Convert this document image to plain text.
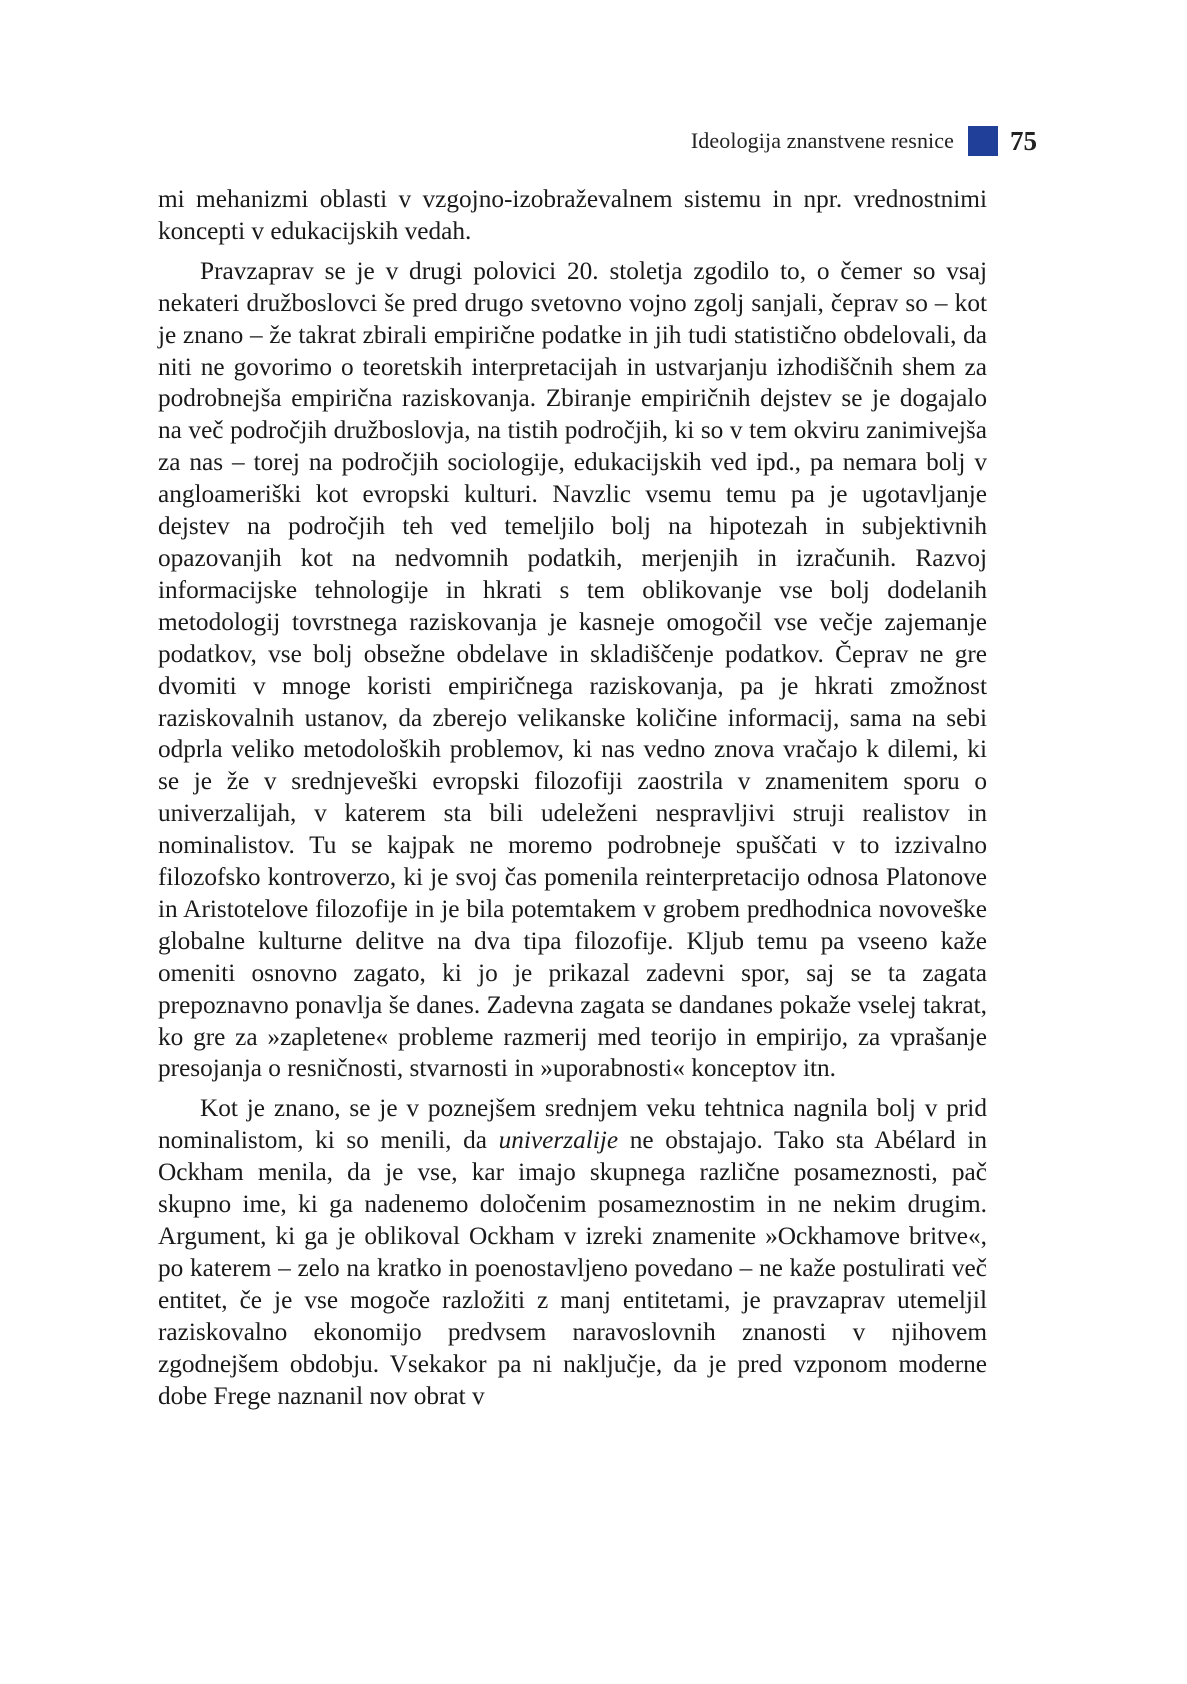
Ideologija znanstvene resnice 75

mi mehanizmi oblasti v vzgojno-izobraževalnem sistemu in npr. vrednostnimi koncepti v edukacijskih vedah.

Pravzaprav se je v drugi polovici 20. stoletja zgodilo to, o čemer so vsaj nekateri družboslovci še pred drugo svetovno vojno zgolj sanjali, čeprav so – kot je znano – že takrat zbirali empirične podatke in jih tudi statistično obdelovali, da niti ne govorimo o teoretskih interpretacijah in ustvarjanju izhodiščnih shem za podrobnejša empirična raziskovanja. Zbiranje empiričnih dejstev se je dogajalo na več področjih družboslovja, na tistih področjih, ki so v tem okviru zanimivejša za nas – torej na področjih sociologije, edukacijskih ved ipd., pa nemara bolj v angloameriški kot evropski kulturi. Navzlic vsemu temu pa je ugotavljanje dejstev na področjih teh ved temeljilo bolj na hipotezah in subjektivnih opazovanjih kot na nedvomnih podatkih, merjenjih in izračunih. Razvoj informacijske tehnologije in hkrati s tem oblikovanje vse bolj dodelanih metodologij tovrstnega raziskovanja je kasneje omogočil vse večje zajemanje podatkov, vse bolj obsežne obdelave in skladiščenje podatkov. Čeprav ne gre dvomiti v mnoge koristi empiričnega raziskovanja, pa je hkrati zmožnost raziskovalnih ustanov, da zberejo velikanske količine informacij, sama na sebi odprla veliko metodoloških problemov, ki nas vedno znova vračajo k dilemi, ki se je že v srednjeveški evropski filozofiji zaostrila v znamenitem sporu o univerzalijah, v katerem sta bili udeleženi nespravljivi struji realistov in nominalistov. Tu se kajpak ne moremo podrobneje spuščati v to izzivalno filozofsko kontroverzo, ki je svoj čas pomenila reinterpretacijo odnosa Platonove in Aristotelove filozofije in je bila potemtakem v grobem predhodnica novoveške globalne kulturne delitve na dva tipa filozofije. Kljub temu pa vseeno kaže omeniti osnovno zagato, ki jo je prikazal zadevni spor, saj se ta zagata prepoznavno ponavlja še danes. Zadevna zagata se dandanes pokaže vselej takrat, ko gre za »zapletene« probleme razmerij med teorijo in empirijo, za vprašanje presojanja o resničnosti, stvarnosti in »uporabnosti« konceptov itn.

Kot je znano, se je v poznejšem srednjem veku tehtnica nagnila bolj v prid nominalistom, ki so menili, da univerzalije ne obstajajo. Tako sta Abélard in Ockham menila, da je vse, kar imajo skupnega različne posameznosti, pač skupno ime, ki ga nadenemo določenim posameznostim in ne nekim drugim. Argument, ki ga je oblikoval Ockham v izreki znamenite »Ockhamove britve«, po katerem – zelo na kratko in poenostavljeno povedano – ne kaže postulirati več entitet, če je vse mogoče razložiti z manj entitetami, je pravzaprav utemeljil raziskovalno ekonomijo predvsem naravoslovnih znanosti v njihovem zgodnejšem obdobju. Vsekakor pa ni naključje, da je pred vzponom moderne dobe Frege naznanil nov obrat v
